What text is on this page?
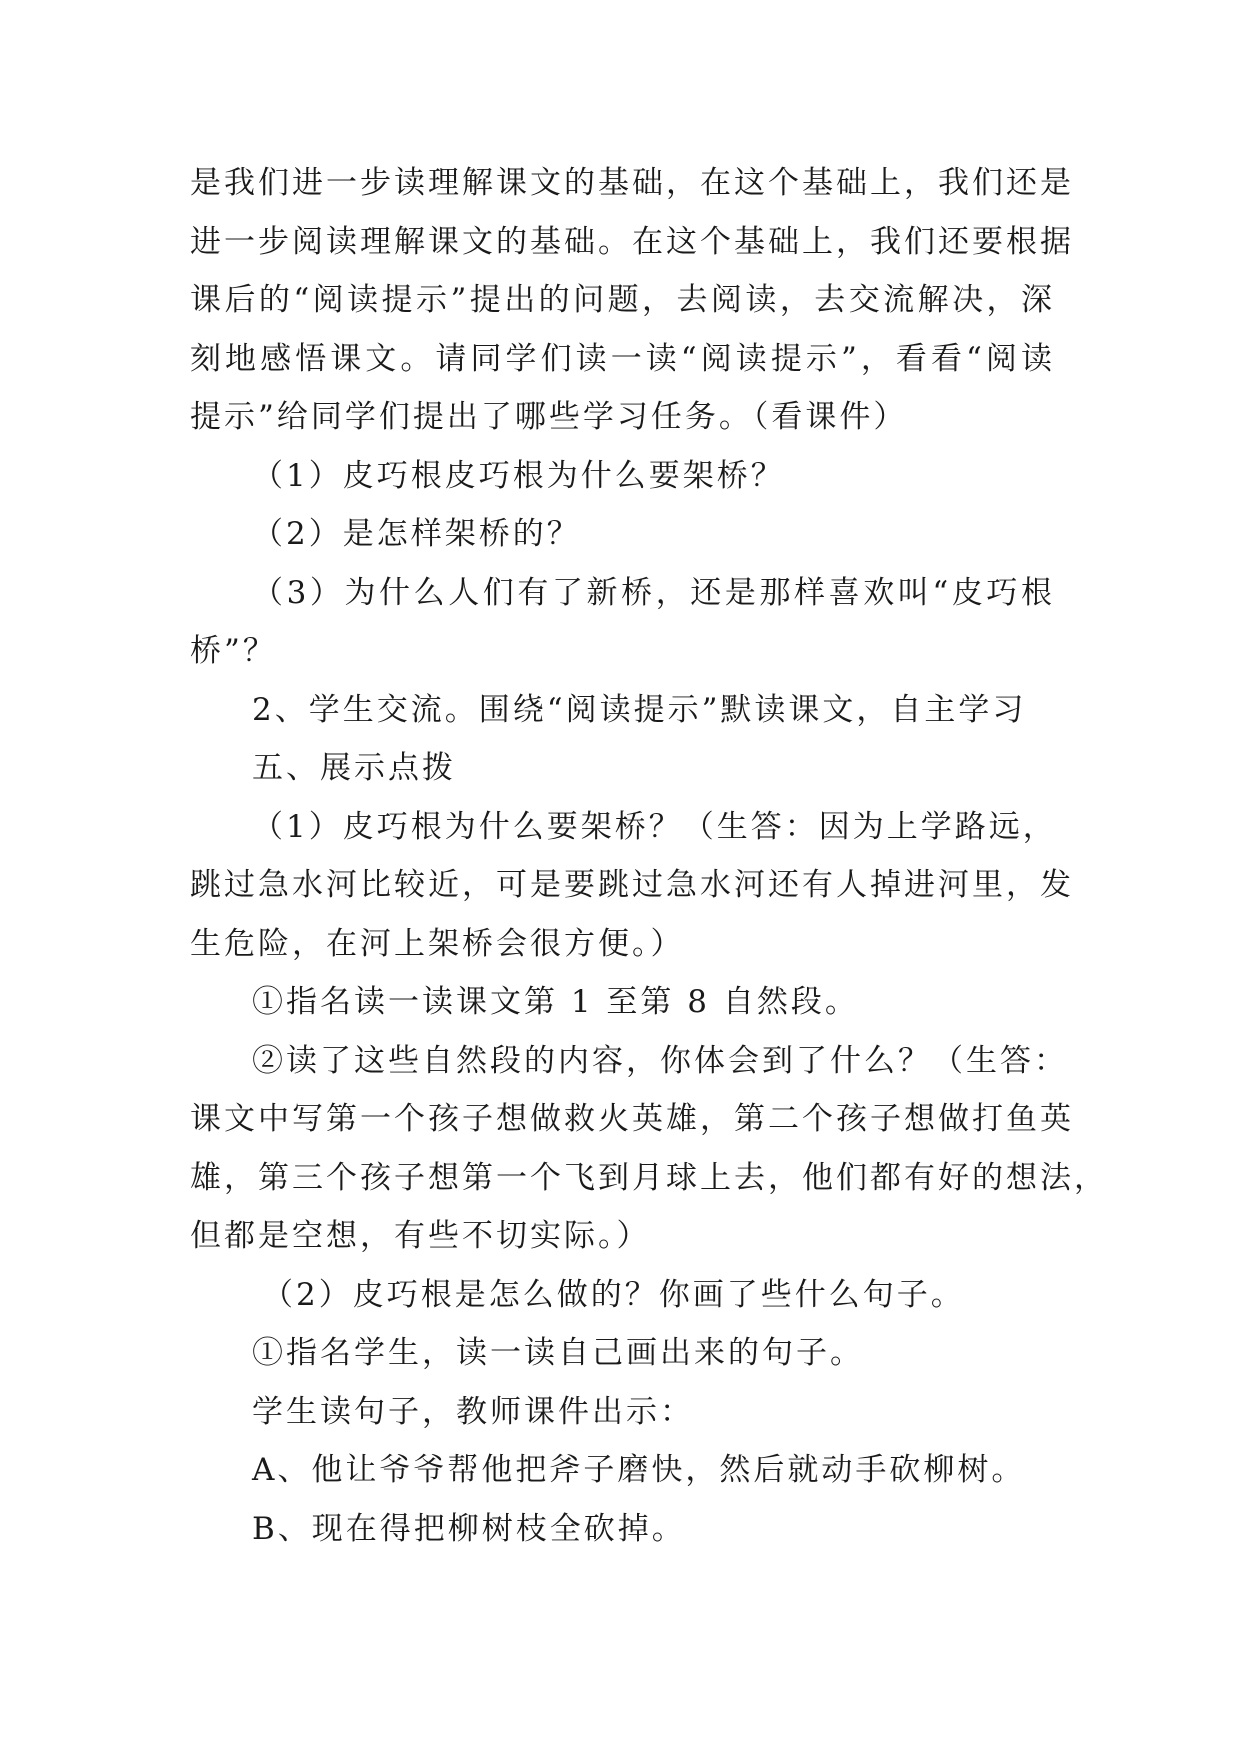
是我们进一步读理解课文的基础，在这个基础上，我们还是

进一步阅读理解课文的基础。在这个基础上，我们还要根据

课后的“阅读提示”提出的问题，去阅读，去交流解决，深

刻地感悟课文。请同学们读一读“阅读提示”，看看“阅读

提示”给同学们提出了哪些学习任务。（看课件）

（1）皮巧根皮巧根为什么要架桥？

（2）是怎样架桥的？

（3）为什么人们有了新桥，还是那样喜欢叫“皮巧根

桥”？

2、学生交流。围绕“阅读提示”默读课文，自主学习

五、展示点拨

（1）皮巧根为什么要架桥？（生答：因为上学路远，

跳过急水河比较近，可是要跳过急水河还有人掉进河里，发

生危险，在河上架桥会很方便。）

①指名读一读课文第 1 至第 8 自然段。

②读了这些自然段的内容，你体会到了什么？（生答：

课文中写第一个孩子想做救火英雄，第二个孩子想做打鱼英

雄，第三个孩子想第一个飞到月球上去，他们都有好的想法，

但都是空想，有些不切实际。）

（2）皮巧根是怎么做的？你画了些什么句子。

①指名学生，读一读自己画出来的句子。

学生读句子，教师课件出示：

A、他让爷爷帮他把斧子磨快，然后就动手砍柳树。

B、现在得把柳树枝全砍掉。
